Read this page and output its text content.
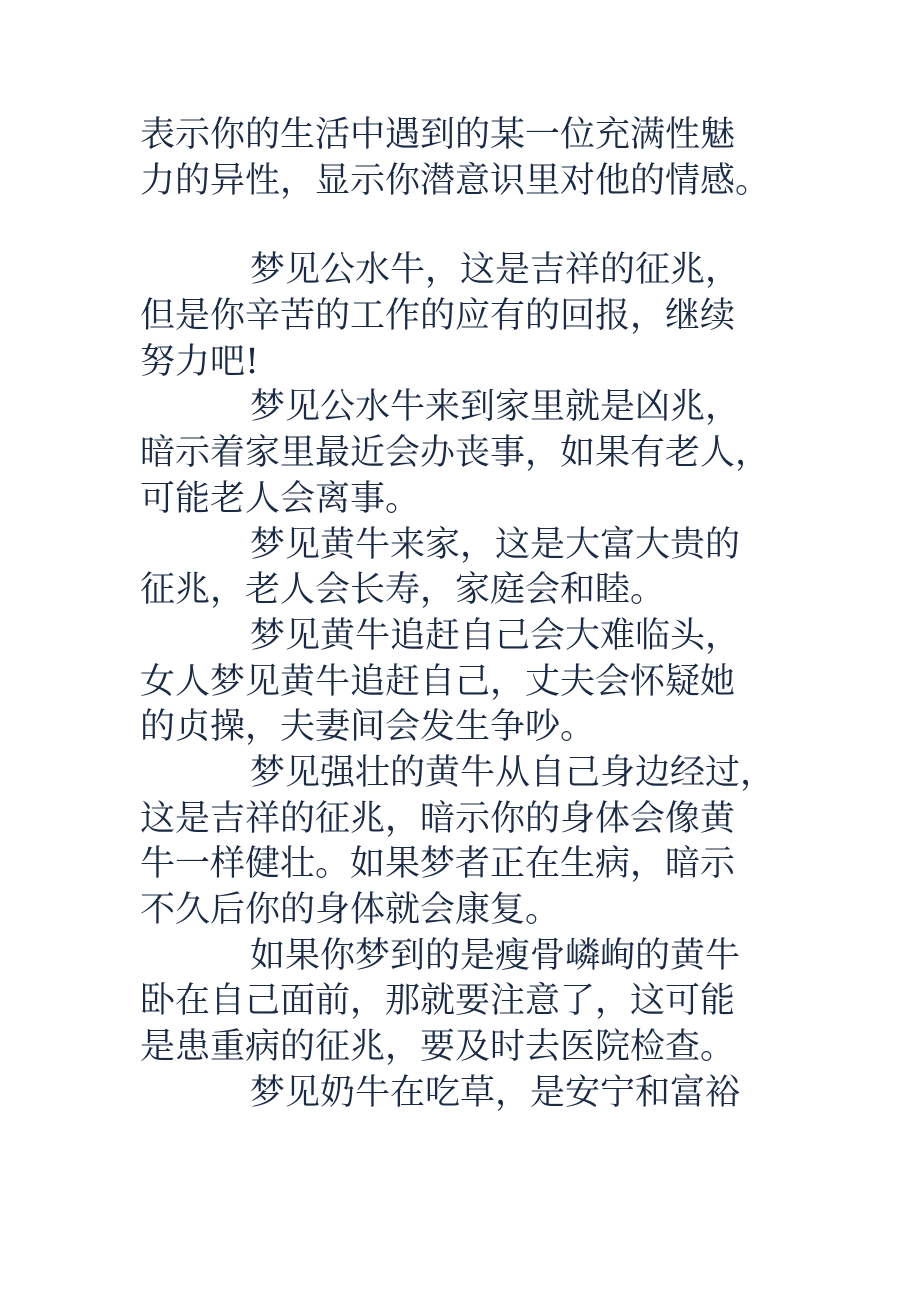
表示你的生活中遇到的某一位充满性魅
力的异性，显示你潜意识里对他的情感。
梦见公水牛，这是吉祥的征兆，
但是你辛苦的工作的应有的回报，继续
努力吧!
梦见公水牛来到家里就是凶兆，
暗示着家里最近会办丧事，如果有老人，
可能老人会离事。
梦见黄牛来家，这是大富大贵的
征兆，老人会长寿，家庭会和睦。
梦见黄牛追赶自己会大难临头，
女人梦见黄牛追赶自己，丈夫会怀疑她
的贞操，夫妻间会发生争吵。
梦见强壮的黄牛从自己身边经过，
这是吉祥的征兆，暗示你的身体会像黄
牛一样健壮。如果梦者正在生病，暗示
不久后你的身体就会康复。
如果你梦到的是瘦骨嶙峋的黄牛
卧在自己面前，那就要注意了，这可能
是患重病的征兆，要及时去医院检查。
梦见奶牛在吃草，是安宁和富裕
